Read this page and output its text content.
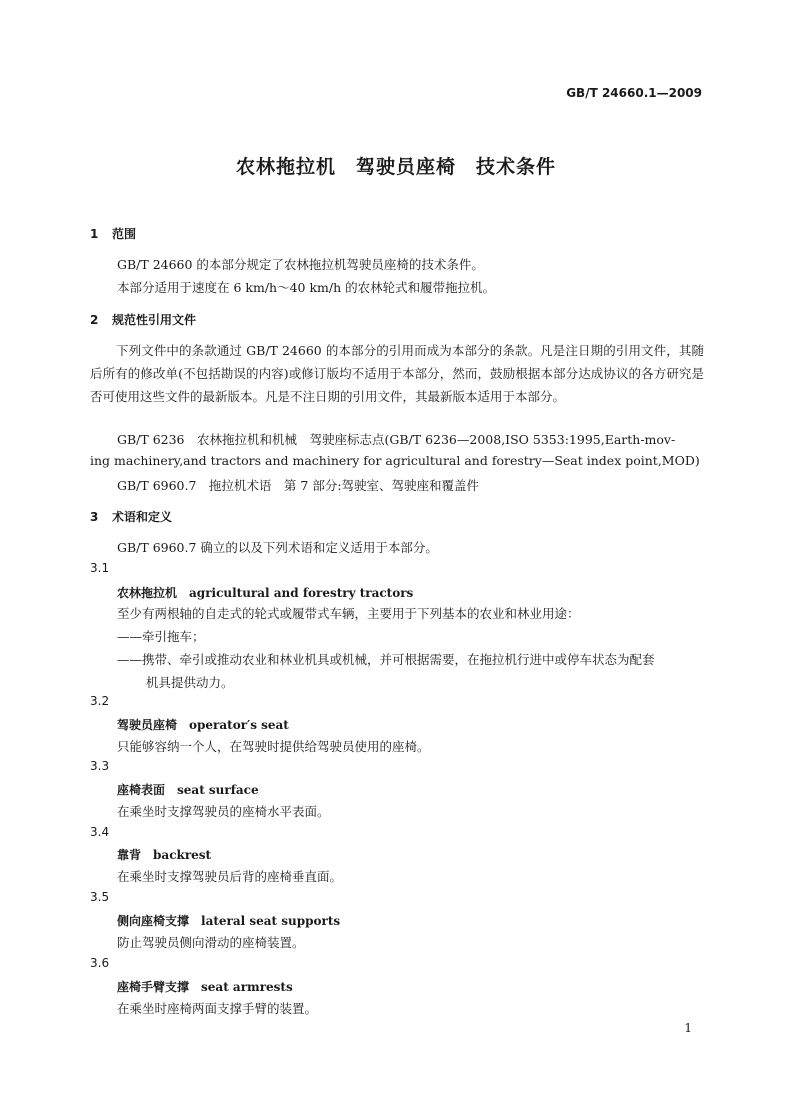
GB/T 24660.1—2009
农林拖拉机　驾驶员座椅　技术条件
1 范围
GB/T 24660 的本部分规定了农林拖拉机驾驶员座椅的技术条件。
本部分适用于速度在 6 km/h～40 km/h 的农林轮式和履带拖拉机。
2 规范性引用文件
下列文件中的条款通过 GB/T 24660 的本部分的引用而成为本部分的条款。凡是注日期的引用文件，其随后所有的修改单(不包括勘误的内容)或修订版均不适用于本部分，然而，鼓励根据本部分达成协议的各方研究是否可使用这些文件的最新版本。凡是不注日期的引用文件，其最新版本适用于本部分。
GB/T 6236　农林拖拉机和机械　驾驶座标志点(GB/T 6236—2008,ISO 5353:1995,Earth-mov-
ing machinery,and tractors and machinery for agricultural and forestry—Seat index point,MOD)
GB/T 6960.7　拖拉机术语　第 7 部分:驾驶室、驾驶座和覆盖件
3 术语和定义
GB/T 6960.7 确立的以及下列术语和定义适用于本部分。
3.1
农林拖拉机　 agricultural and forestry tractors
至少有两根轴的自走式的轮式或履带式车辆，主要用于下列基本的农业和林业用途：
——牵引拖车；
——携带、牵引或推动农业和林业机具或机械，并可根据需要，在拖拉机行进中或停车状态为配套
机具提供动力。
3.2
驾驶员座椅　 operator′s seat
只能够容纳一个人，在驾驶时提供给驾驶员使用的座椅。
3.3
座椅表面　 seat surface
在乘坐时支撑驾驶员的座椅水平表面。
3.4
靠背　 backrest
在乘坐时支撑驾驶员后背的座椅垂直面。
3.5
侧向座椅支撑　 lateral seat supports
防止驾驶员侧向滑动的座椅装置。
3.6
座椅手臂支撑　 seat armrests
在乘坐时座椅两面支撑手臂的装置。
1
